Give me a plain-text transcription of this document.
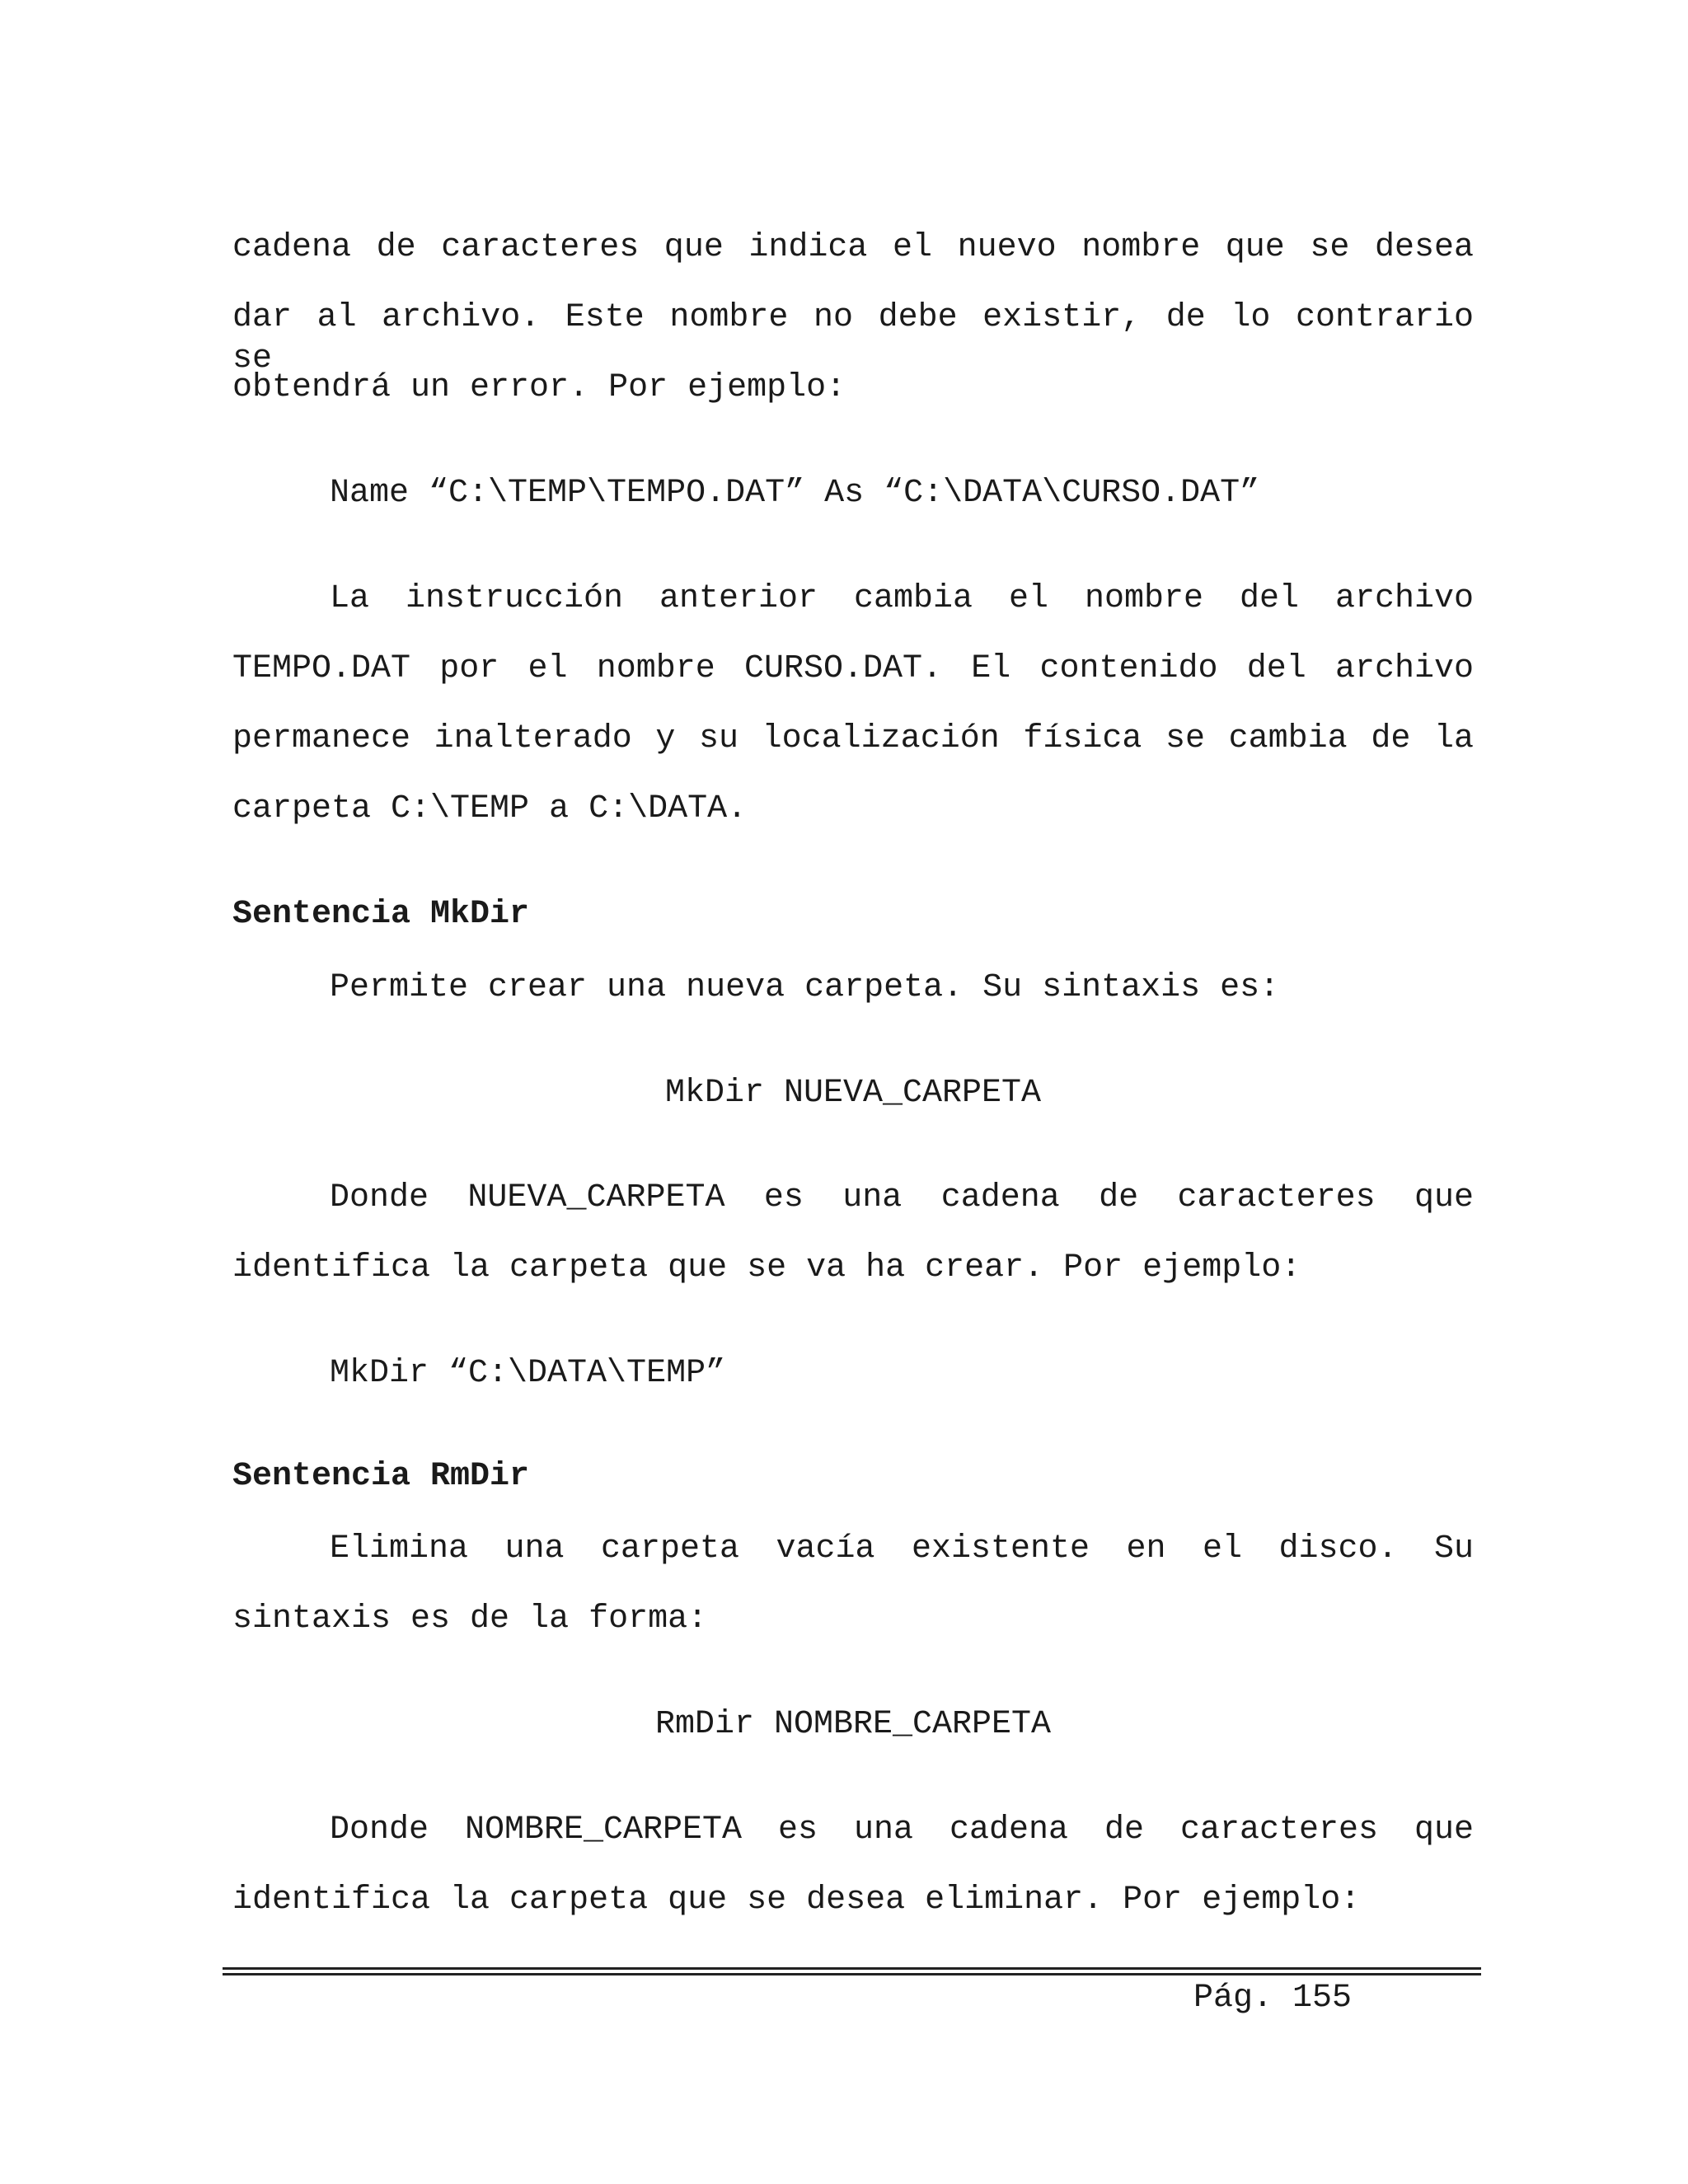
cadena de caracteres que indica el nuevo nombre que se desea
dar al archivo. Este nombre no debe existir, de lo contrario se
obtendrá un error. Por ejemplo:
Name “C:\TEMP\TEMPO.DAT” As “C:\DATA\CURSO.DAT”
La instrucción anterior cambia el nombre del archivo
TEMPO.DAT por el nombre CURSO.DAT. El contenido del archivo
permanece inalterado y su localización física se cambia de la
carpeta C:\TEMP a C:\DATA.
Sentencia MkDir
Permite crear una nueva carpeta. Su sintaxis es:
MkDir NUEVA_CARPETA
Donde NUEVA_CARPETA es una cadena de caracteres que
identifica la carpeta que se va ha crear. Por ejemplo:
MkDir “C:\DATA\TEMP”
Sentencia RmDir
Elimina una carpeta vacía existente en el disco. Su
sintaxis es de la forma:
RmDir NOMBRE_CARPETA
Donde NOMBRE_CARPETA es una cadena de caracteres que
identifica la carpeta que se desea eliminar. Por ejemplo:
Pág. 155
